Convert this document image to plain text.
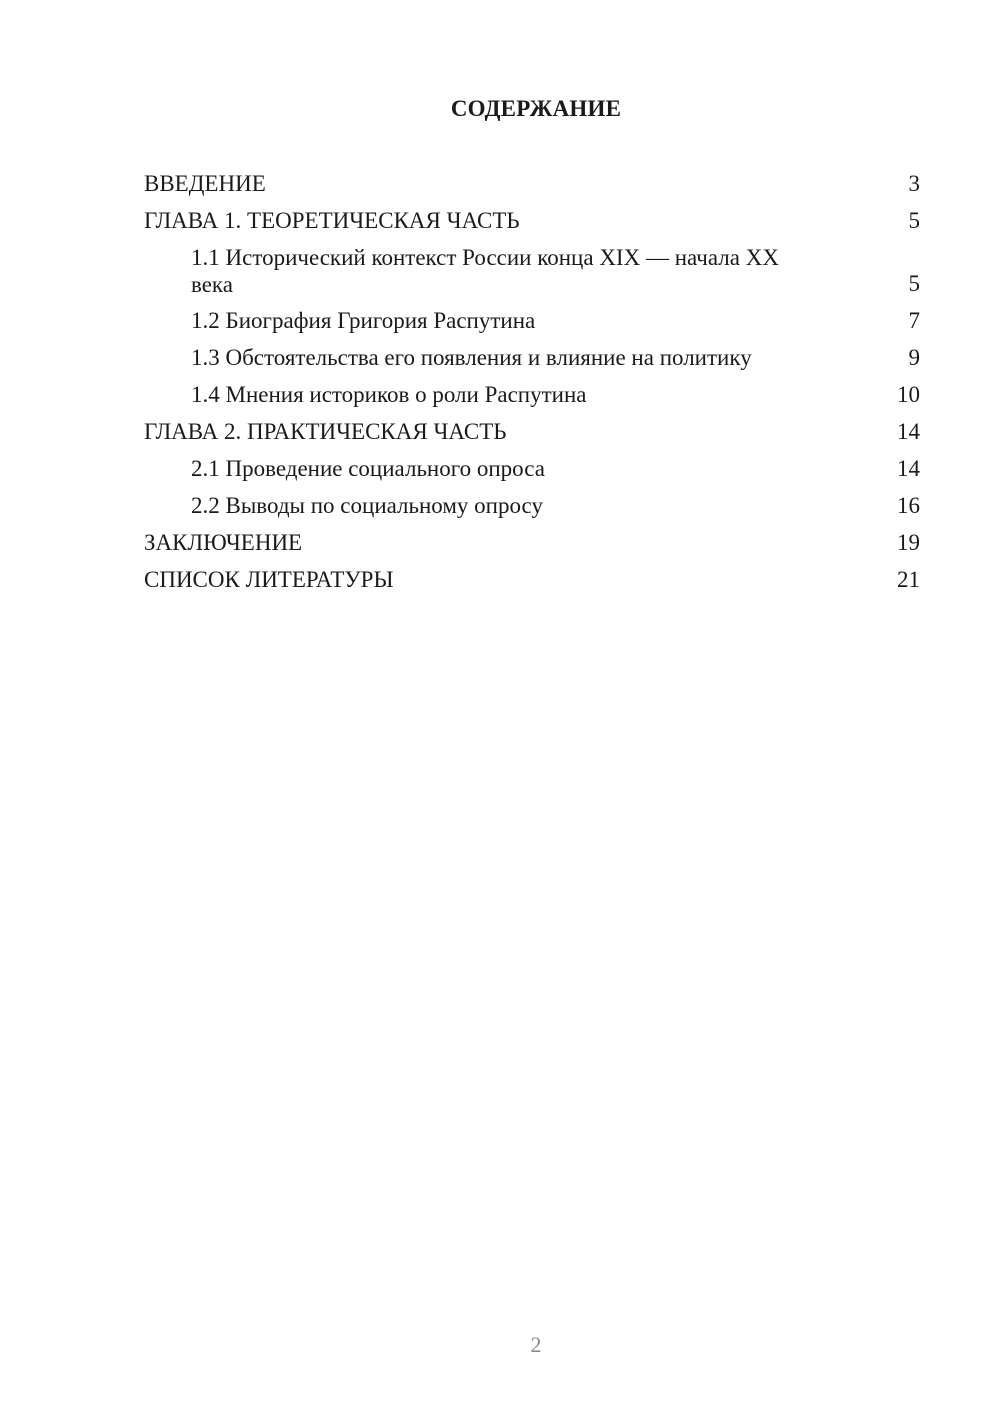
СОДЕРЖАНИЕ
ВВЕДЕНИЕ	3
ГЛАВА 1. ТЕОРЕТИЧЕСКАЯ ЧАСТЬ	5
1.1 Исторический контекст России конца XIX — начала XX века	5
1.2 Биография Григория Распутина	7
1.3 Обстоятельства его появления и влияние на политику	9
1.4 Мнения историков о роли Распутина	10
ГЛАВА 2. ПРАКТИЧЕСКАЯ ЧАСТЬ	14
2.1 Проведение социального опроса	14
2.2 Выводы по социальному опросу	16
ЗАКЛЮЧЕНИЕ	19
СПИСОК ЛИТЕРАТУРЫ	21
2
